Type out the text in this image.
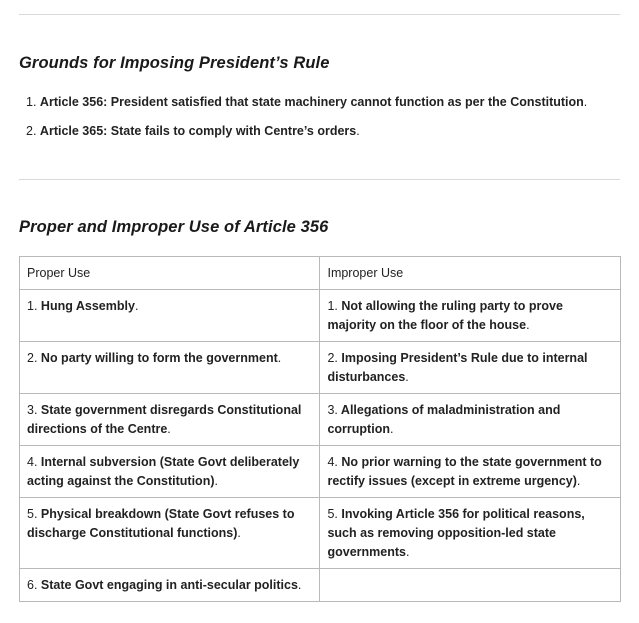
Grounds for Imposing President’s Rule
1. Article 356: President satisfied that state machinery cannot function as per the Constitution.
2. Article 365: State fails to comply with Centre’s orders.
Proper and Improper Use of Article 356
Proper Use	Improper Use
1. Hung Assembly.	1. Not allowing the ruling party to prove majority on the floor of the house.
2. No party willing to form the government.	2. Imposing President’s Rule due to internal disturbances.
3. State government disregards Constitutional directions of the Centre.	3. Allegations of maladministration and corruption.
4. Internal subversion (State Govt deliberately acting against the Constitution).	4. No prior warning to the state government to rectify issues (except in extreme urgency).
5. Physical breakdown (State Govt refuses to discharge Constitutional functions).	5. Invoking Article 356 for political reasons, such as removing opposition-led state governments.
6. State Govt engaging in anti-secular politics.	
